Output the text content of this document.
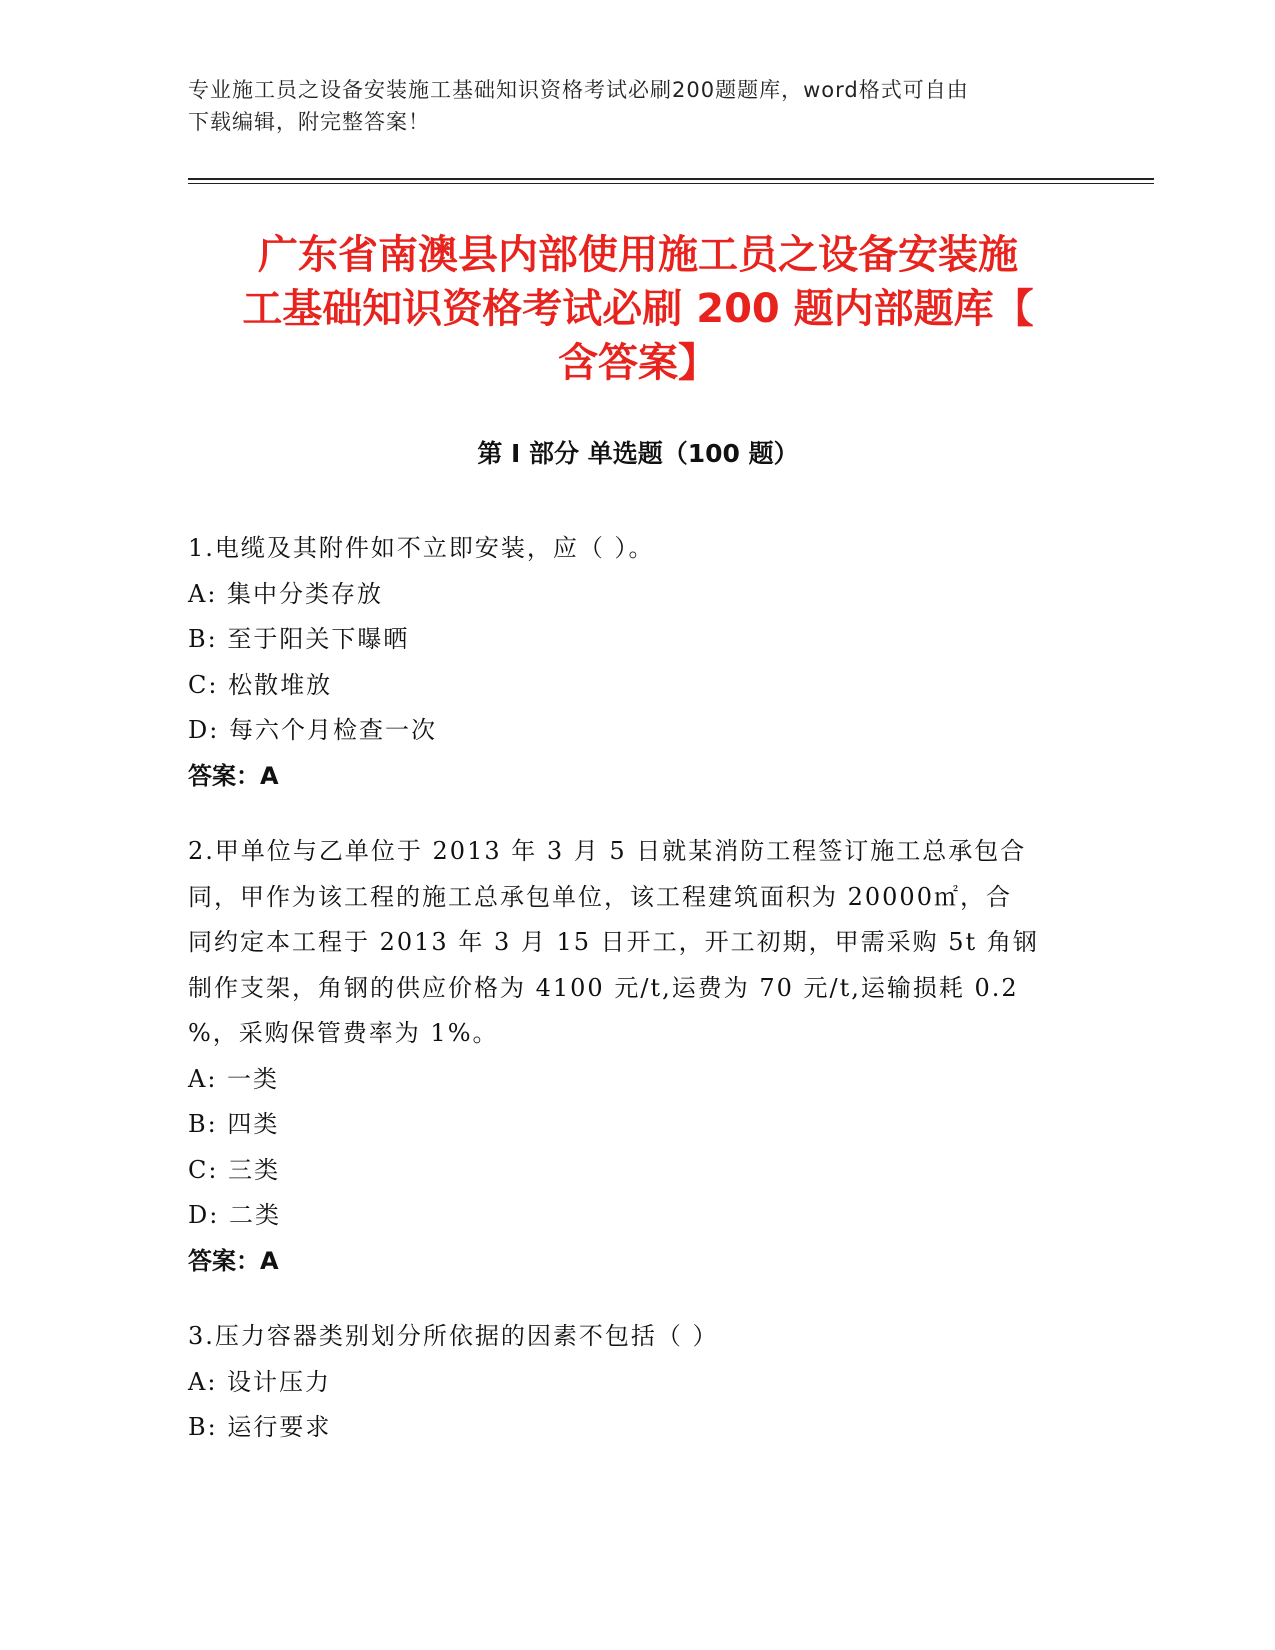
专业施工员之设备安装施工基础知识资格考试必刷200题题库，word格式可自由
下载编辑，附完整答案！
广东省南澳县内部使用施工员之设备安装施
工基础知识资格考试必刷 200 题内部题库【
含答案】
第 I 部分 单选题（100 题）
1.电缆及其附件如不立即安装，应（ ）。
A: 集中分类存放
B: 至于阳关下曝晒
C: 松散堆放
D: 每六个月检查一次
答案：A
2.甲单位与乙单位于 2013 年 3 月 5 日就某消防工程签订施工总承包合
同，甲作为该工程的施工总承包单位，该工程建筑面积为 20000㎡，合
同约定本工程于 2013 年 3 月 15 日开工，开工初期，甲需采购 5t 角钢
制作支架，角钢的供应价格为 4100 元/t,运费为 70 元/t,运输损耗 0.2
%，采购保管费率为 1%。
A: 一类
B: 四类
C: 三类
D: 二类
答案：A
3.压力容器类别划分所依据的因素不包括（ ）
A: 设计压力
B: 运行要求
